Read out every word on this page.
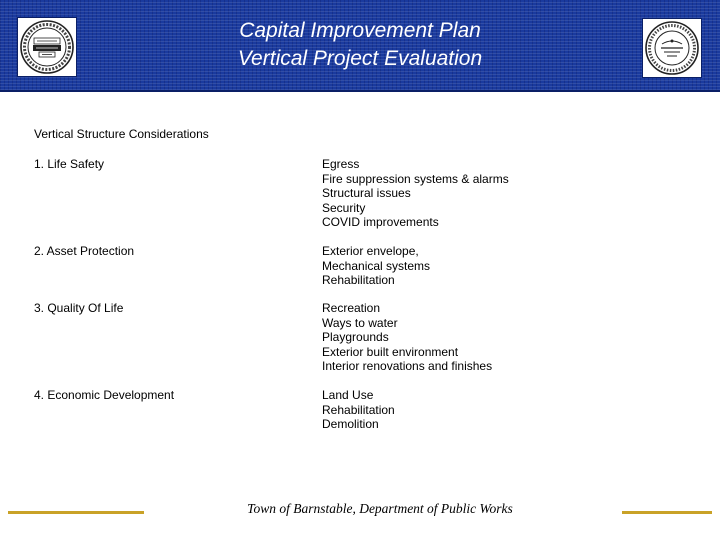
Capital Improvement Plan
Vertical Project Evaluation
Vertical Structure Considerations
1. Life Safety	Egress
Fire suppression systems & alarms
Structural issues
Security
COVID improvements
2. Asset Protection	Exterior envelope,
Mechanical systems
Rehabilitation
3. Quality Of Life	Recreation
Ways to water
Playgrounds
Exterior built environment
Interior renovations and finishes
4. Economic Development	Land Use
Rehabilitation
Demolition
Town of Barnstable, Department of Public Works
